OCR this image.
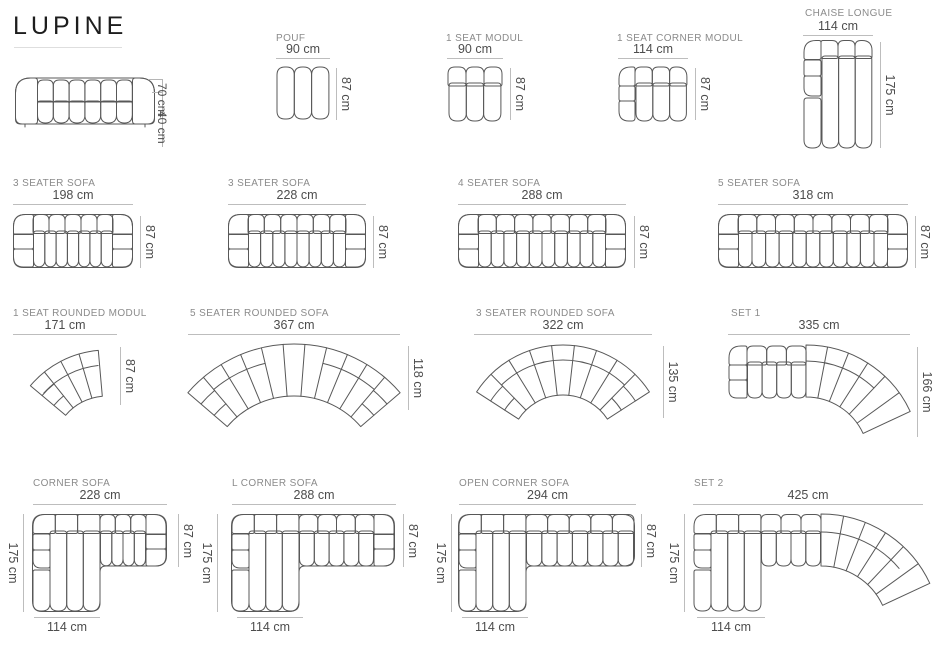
LUPINE
70 cm
40 cm
POUF
90 cm
87 cm
1 SEAT MODUL
90 cm
87 cm
1 SEAT CORNER MODUL
114 cm
87 cm
CHAISE LONGUE
114 cm
175 cm
3 SEATER SOFA
198 cm
87 cm
3 SEATER SOFA
228 cm
87 cm
4 SEATER SOFA
288 cm
87 cm
5 SEATER SOFA
318 cm
87 cm
1 SEAT ROUNDED MODUL
171 cm
87 cm
5 SEATER ROUNDED SOFA
367 cm
118 cm
3 SEATER ROUNDED SOFA
322 cm
135 cm
SET 1
335 cm
166 cm
CORNER SOFA
228 cm
87 cm
175 cm
114 cm
L CORNER SOFA
288 cm
87 cm
175 cm
114 cm
OPEN CORNER SOFA
294 cm
87 cm
175 cm
114 cm
SET 2
425 cm
175 cm
114 cm
